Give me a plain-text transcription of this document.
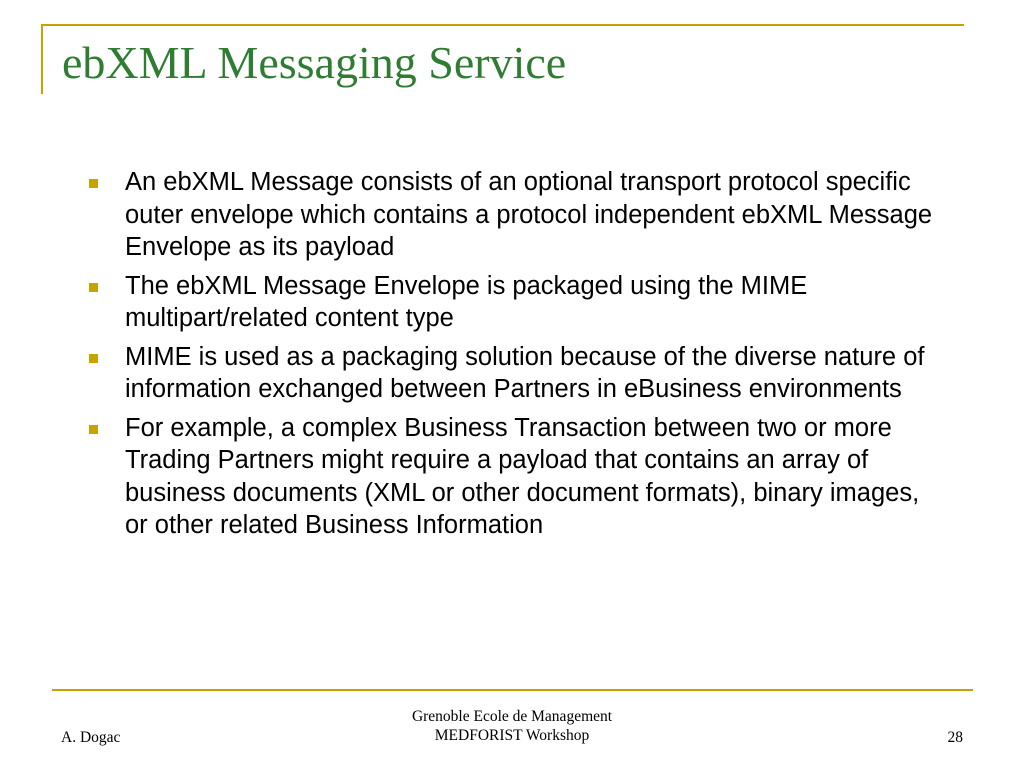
ebXML Messaging Service
An ebXML Message consists of an optional transport protocol specific outer envelope which contains a protocol independent ebXML Message Envelope as its payload
The ebXML Message Envelope is packaged using the MIME multipart/related content type
MIME is used as a packaging solution because of the diverse nature of information exchanged between Partners in eBusiness environments
For example, a complex Business Transaction between two or more Trading Partners might require a payload that contains an array of business documents (XML or other document formats), binary images, or other related Business Information

A. Dogac

Grenoble Ecole de Management
MEDFORIST Workshop	28
